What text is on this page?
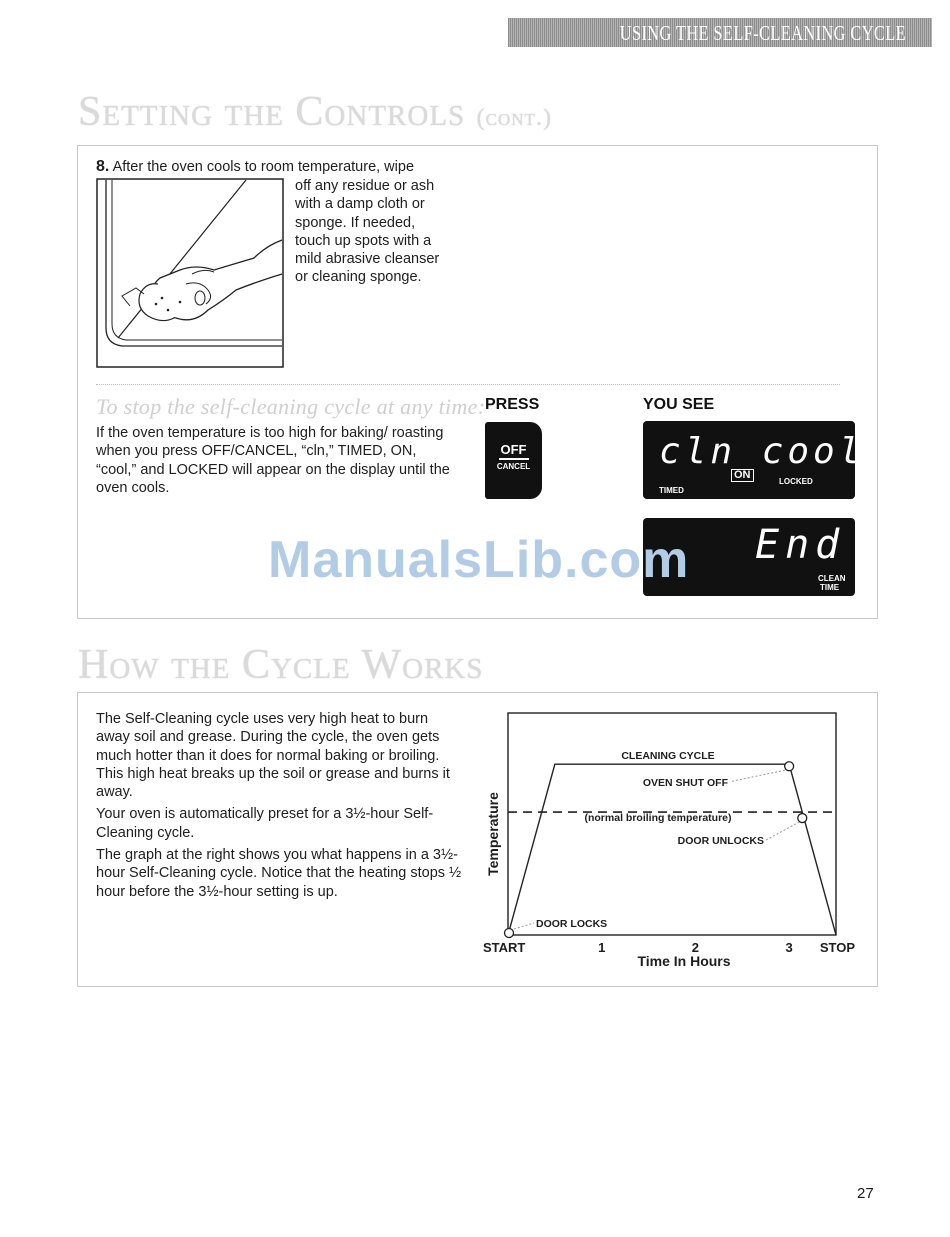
USING THE SELF-CLEANING CYCLE
Setting the Controls (cont.)
8. After the oven cools to room temperature, wipe
off any residue or ash
with a damp cloth or
sponge. If needed,
touch up spots with a
mild abrasive cleanser
or cleaning sponge.
To stop the self-cleaning cycle at any time:
If the oven temperature is too high for baking/ roasting when you press OFF/CANCEL, “cln,” TIMED, ON, “cool,” and LOCKED will appear on the display until the oven cools.
PRESS	YOU SEE
OFF
CANCEL	cln cool
ON
TIMED
LOCKED
End
CLEAN
TIME
ManualsLib.com
How the Cycle Works
The Self-Cleaning cycle uses very high heat to burn away soil and grease. During the cycle, the oven gets much hotter than it does for normal baking or broiling. This high heat breaks up the soil or grease and burns it away.
Your oven is automatically preset for a 3½-hour Self-Cleaning cycle.
The graph at the right shows you what happens in a 3½-hour Self-Cleaning cycle. Notice that the heating stops ½ hour before the 3½-hour setting is up.
Temperature
START	1	2	3 STOP
Time In Hours
(normal broiling temperature)
CLEANING CYCLE
OVEN SHUT OFF
DOOR UNLOCKS
DOOR LOCKS
27
